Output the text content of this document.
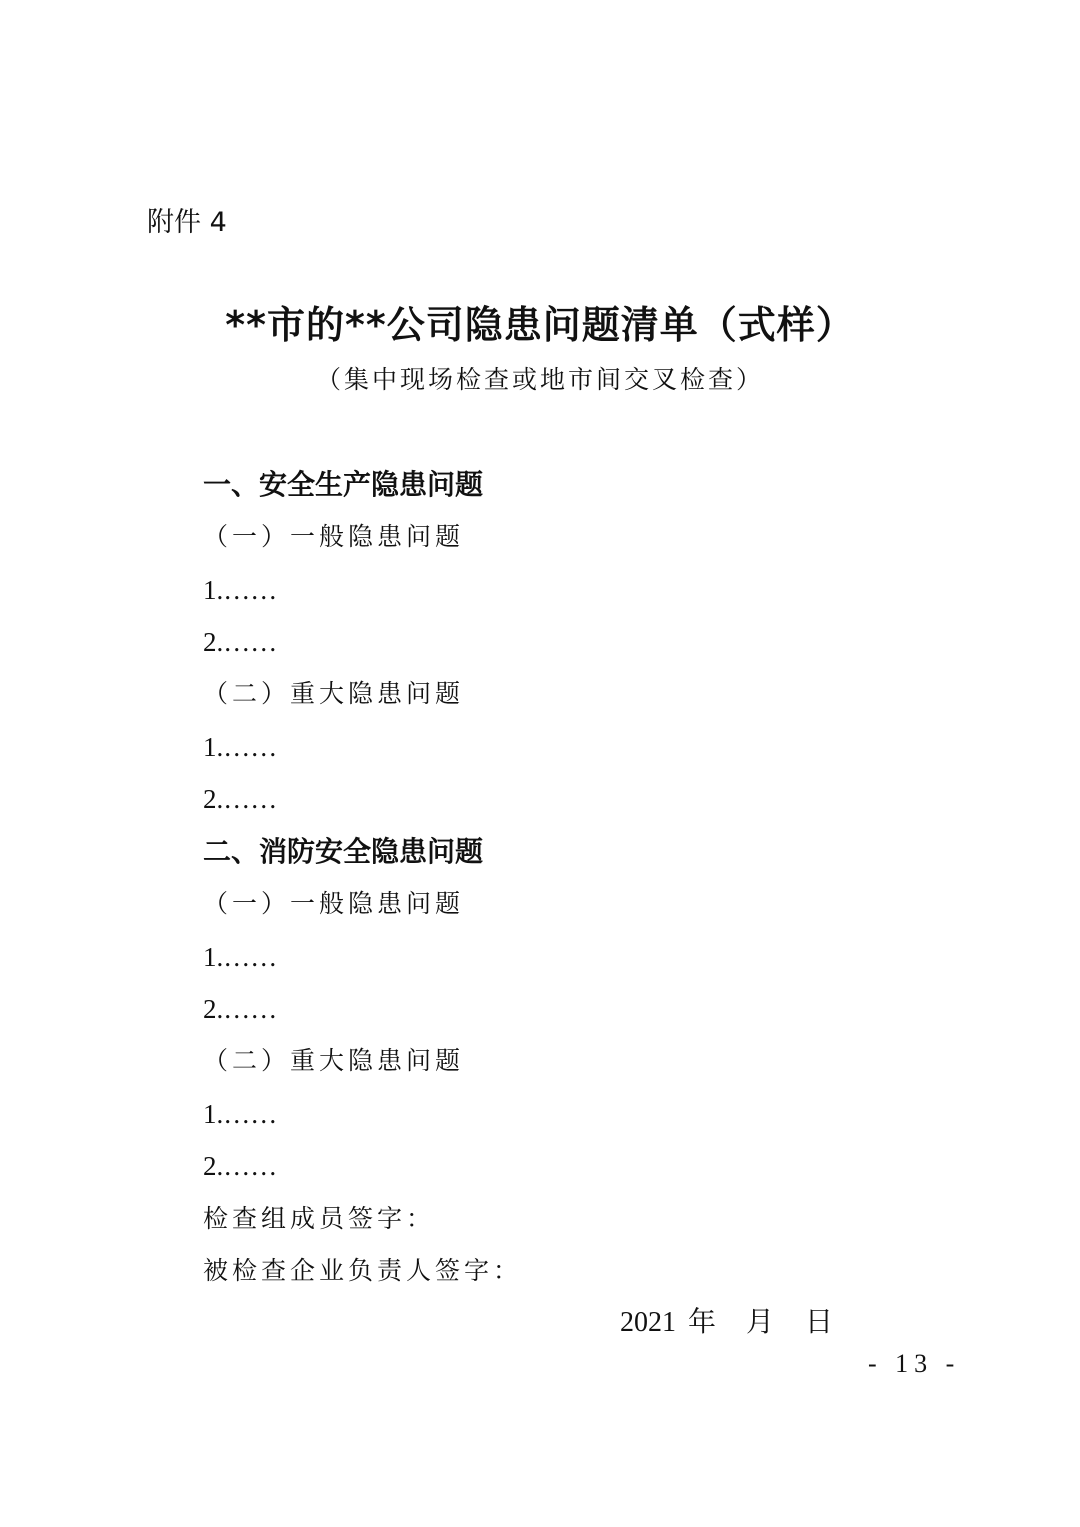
附件 4
**市的**公司隐患问题清单（式样）
（集中现场检查或地市间交叉检查）
一、安全生产隐患问题
（一）一般隐患问题
1.……
2.……
（二）重大隐患问题
1.……
2.……
二、消防安全隐患问题
（一）一般隐患问题
1.……
2.……
（二）重大隐患问题
1.……
2.……
检查组成员签字：
被检查企业负责人签字：
2021 年 月 日
- 13 -
